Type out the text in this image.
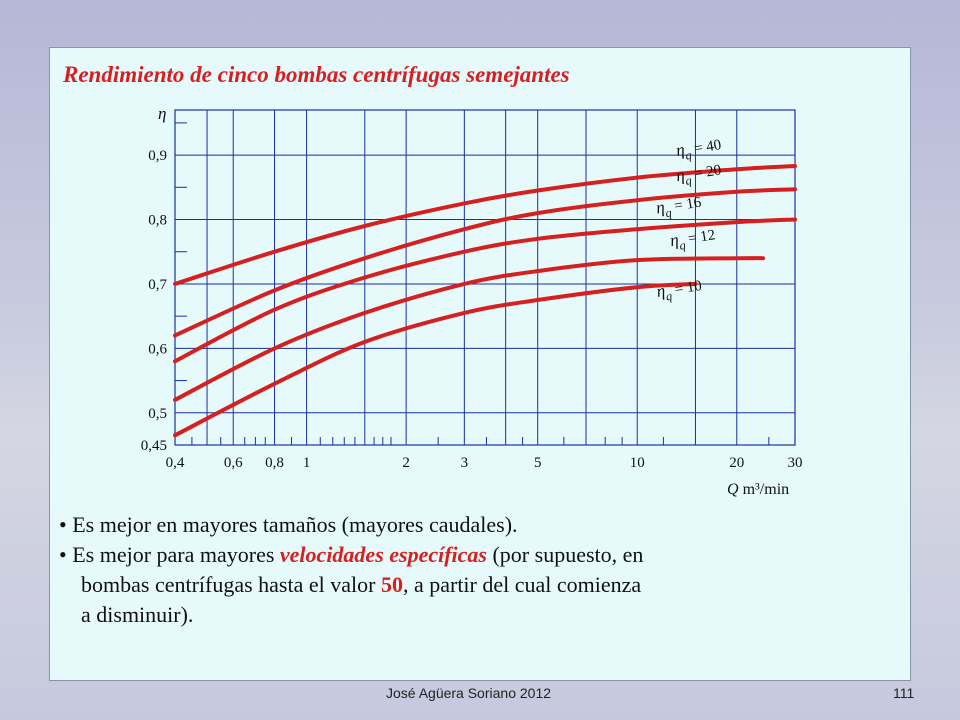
Rendimiento de cinco bombas centrífugas semejantes
0,4	0,6 0,8 1	2	3	5	10	20	30
0,45
0,5
0,6
0,7
0,8
0,9	$\eta_q = 40$
$\eta_q = 20$
$\eta_q = 16$
$\eta_q = 12$
$\eta_q = 10$
η
Q m³/min
• Es mejor en mayores tamaños (mayores caudales).
• Es mejor para mayores velocidades específicas (por supuesto, en
bombas centrífugas hasta el valor 50, a partir del cual comienza
a disminuir).
José Agüera Soriano 2012	111
